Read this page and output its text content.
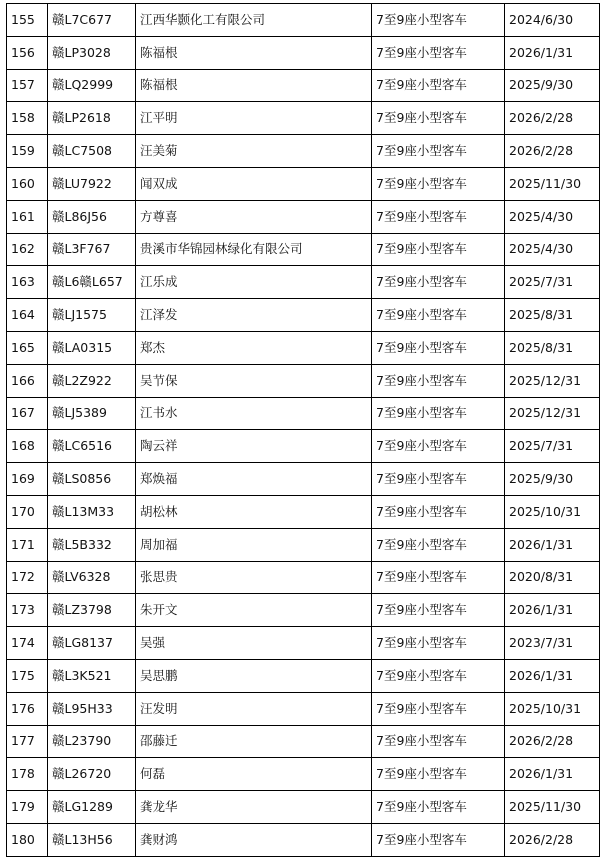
155	赣L7C677	江西华颢化工有限公司	7至9座小型客车	2024/6/30
156	赣LP3028	陈福根	7至9座小型客车	2026/1/31
157	赣LQ2999	陈福根	7至9座小型客车	2025/9/30
158	赣LP2618	江平明	7至9座小型客车	2026/2/28
159	赣LC7508	汪美菊	7至9座小型客车	2026/2/28
160	赣LU7922	闻双成	7至9座小型客车	2025/11/30
161	赣L86J56	方尊喜	7至9座小型客车	2025/4/30
162	赣L3F767	贵溪市华锦园林绿化有限公司	7至9座小型客车	2025/4/30
163	赣L6赣L657	江乐成	7至9座小型客车	2025/7/31
164	赣LJ1575	江泽发	7至9座小型客车	2025/8/31
165	赣LA0315	郑杰	7至9座小型客车	2025/8/31
166	赣L2Z922	吴节保	7至9座小型客车	2025/12/31
167	赣LJ5389	江书水	7至9座小型客车	2025/12/31
168	赣LC6516	陶云祥	7至9座小型客车	2025/7/31
169	赣LS0856	郑焕福	7至9座小型客车	2025/9/30
170	赣L13M33	胡松林	7至9座小型客车	2025/10/31
171	赣L5B332	周加福	7至9座小型客车	2026/1/31
172	赣LV6328	张思贵	7至9座小型客车	2020/8/31
173	赣LZ3798	朱开文	7至9座小型客车	2026/1/31
174	赣LG8137	吴强	7至9座小型客车	2023/7/31
175	赣L3K521	吴思鹏	7至9座小型客车	2026/1/31
176	赣L95H33	汪发明	7至9座小型客车	2025/10/31
177	赣L23790	邵藤迁	7至9座小型客车	2026/2/28
178	赣L26720	何磊	7至9座小型客车	2026/1/31
179	赣LG1289	龚龙华	7至9座小型客车	2025/11/30
180	赣L13H56	龚财鸿	7至9座小型客车	2026/2/28
